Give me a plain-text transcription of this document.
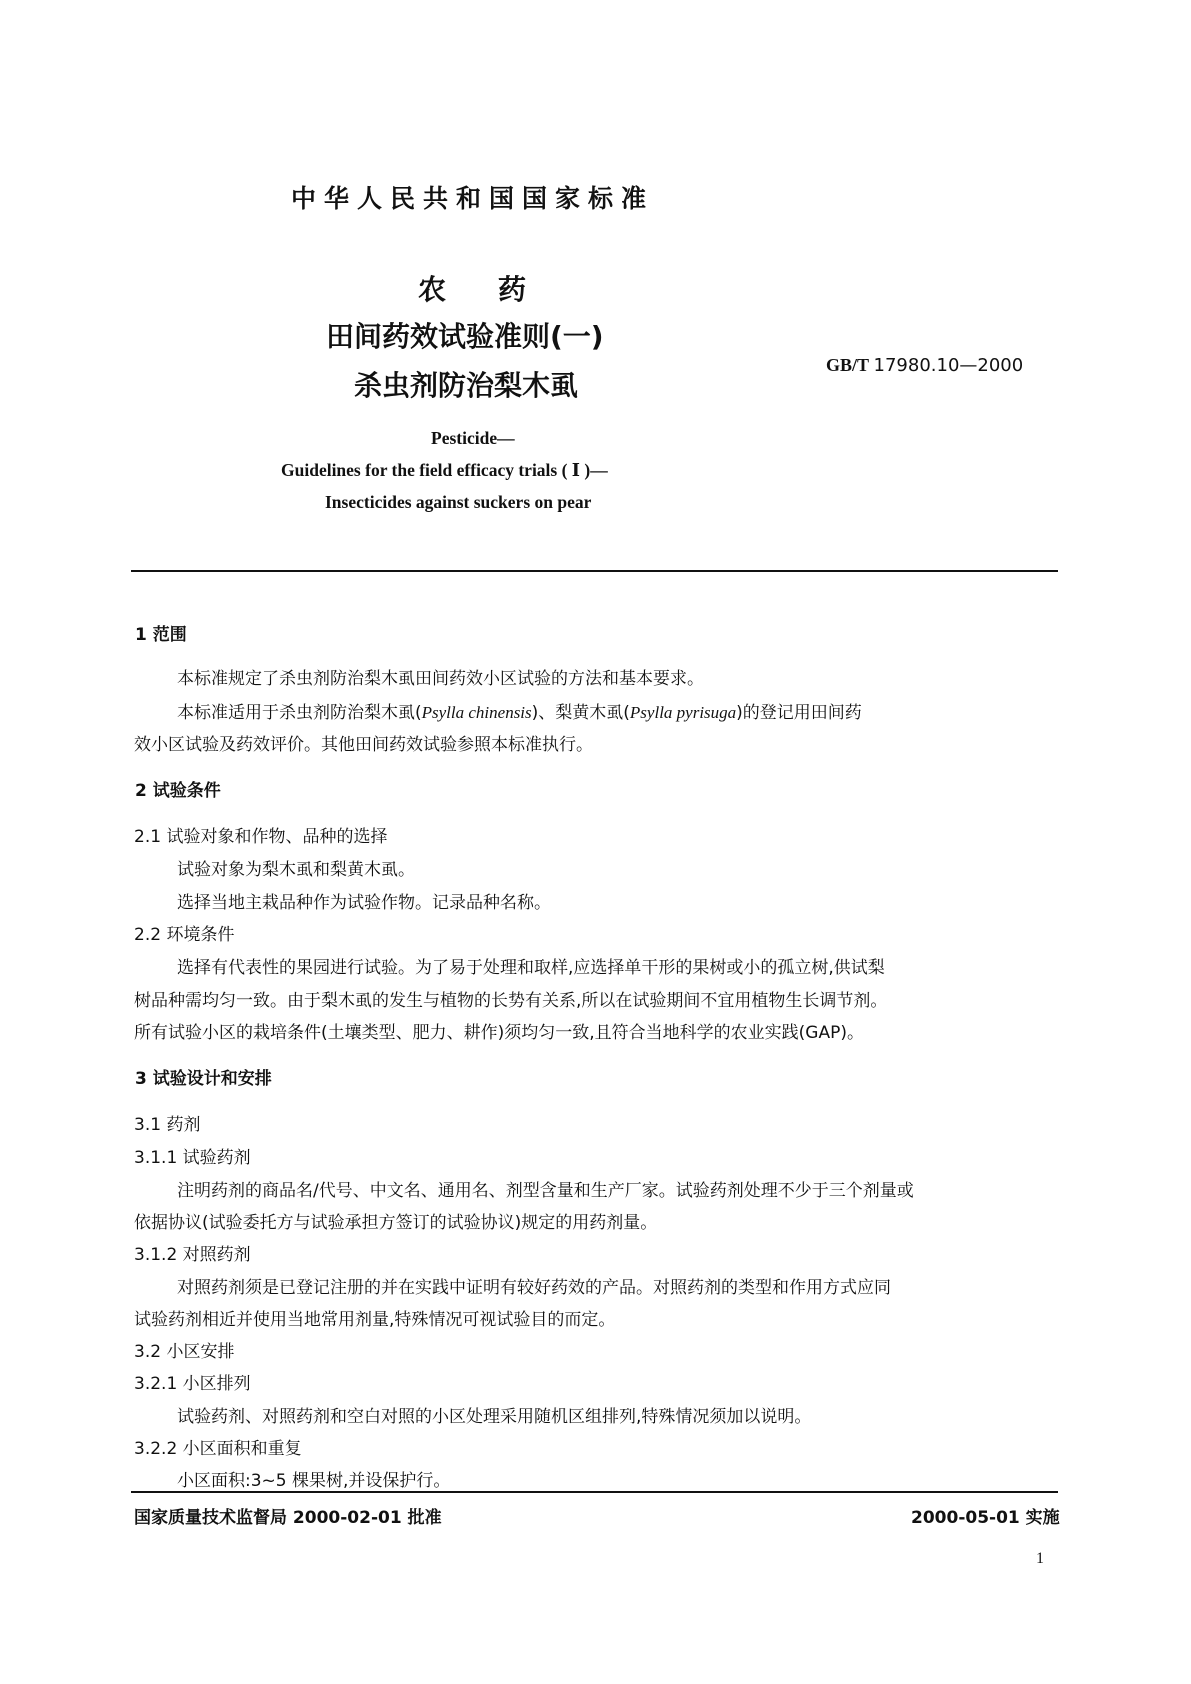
中华人民共和国国家标准
农药
田间药效试验准则(一)
杀虫剂防治梨木虱
GB/T 17980.10—2000
Pesticide—
Guidelines for the field efficacy trials ( Ⅰ )—
Insecticides against suckers on pear
1 范围
本标准规定了杀虫剂防治梨木虱田间药效小区试验的方法和基本要求。
本标准适用于杀虫剂防治梨木虱(Psylla chinensis)、梨黄木虱(Psylla pyrisuga)的登记用田间药
效小区试验及药效评价。其他田间药效试验参照本标准执行。
2 试验条件
2.1 试验对象和作物、品种的选择
试验对象为梨木虱和梨黄木虱。
选择当地主栽品种作为试验作物。记录品种名称。
2.2 环境条件
选择有代表性的果园进行试验。为了易于处理和取样,应选择单干形的果树或小的孤立树,供试梨
树品种需均匀一致。由于梨木虱的发生与植物的长势有关系,所以在试验期间不宜用植物生长调节剂。
所有试验小区的栽培条件(土壤类型、肥力、耕作)须均匀一致,且符合当地科学的农业实践(GAP)。
3 试验设计和安排
3.1 药剂
3.1.1 试验药剂
注明药剂的商品名/代号、中文名、通用名、剂型含量和生产厂家。试验药剂处理不少于三个剂量或
依据协议(试验委托方与试验承担方签订的试验协议)规定的用药剂量。
3.1.2 对照药剂
对照药剂须是已登记注册的并在实践中证明有较好药效的产品。对照药剂的类型和作用方式应同
试验药剂相近并使用当地常用剂量,特殊情况可视试验目的而定。
3.2 小区安排
3.2.1 小区排列
试验药剂、对照药剂和空白对照的小区处理采用随机区组排列,特殊情况须加以说明。
3.2.2 小区面积和重复
小区面积:3~5 棵果树,并设保护行。
国家质量技术监督局 2000-02-01 批准	2000-05-01 实施
1
